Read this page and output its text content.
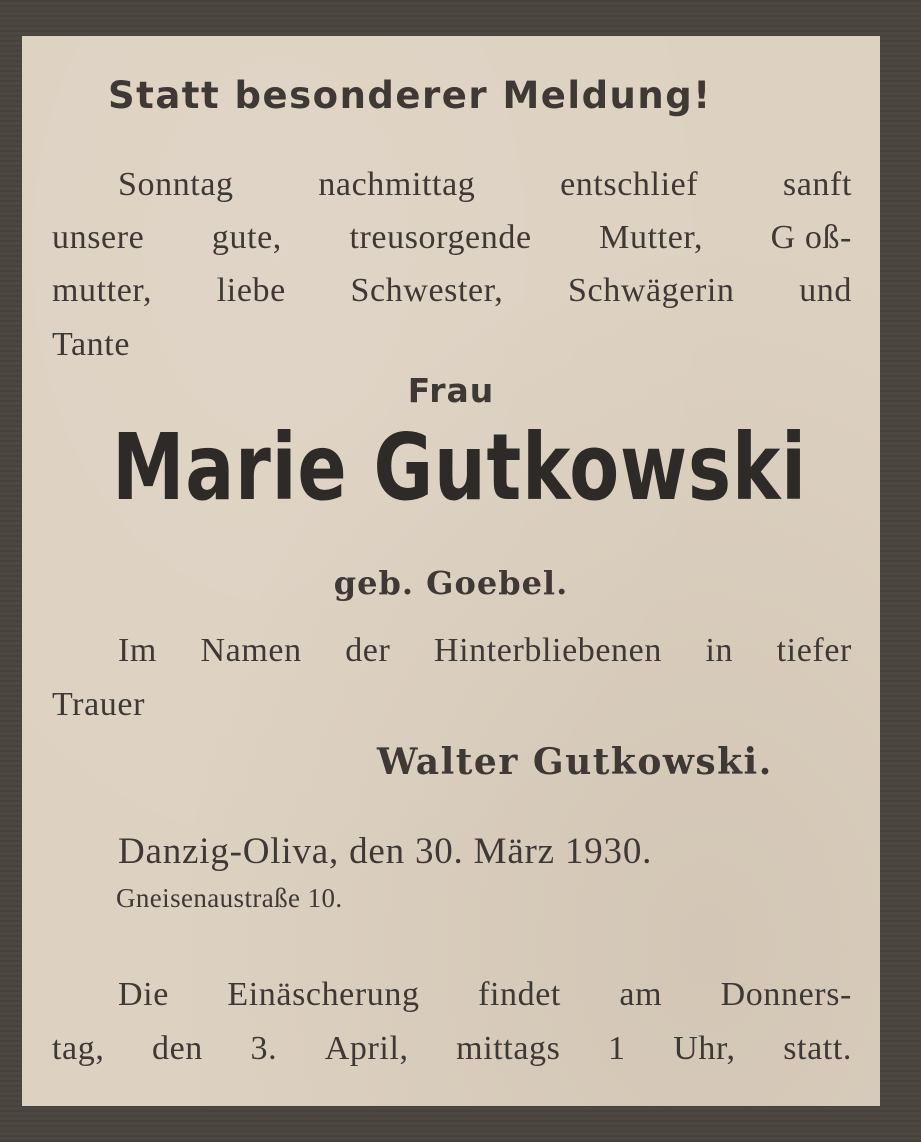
Statt besonderer Meldung!
Sonntag nachmittag entschlief sanft
unsere gute, treusorgende Mutter, G oß-
mutter, liebe Schwester, Schwägerin und
Tante
Frau
Marie Gutkowski
geb. Goebel.
Im Namen der Hinterbliebenen in tiefer
Trauer
Walter Gutkowski.
Danzig-Oliva, den 30. März 1930.
Gneisenaustraße 10.
Die Einäscherung findet am Donners-
tag, den 3. April, mittags 1 Uhr, statt.
